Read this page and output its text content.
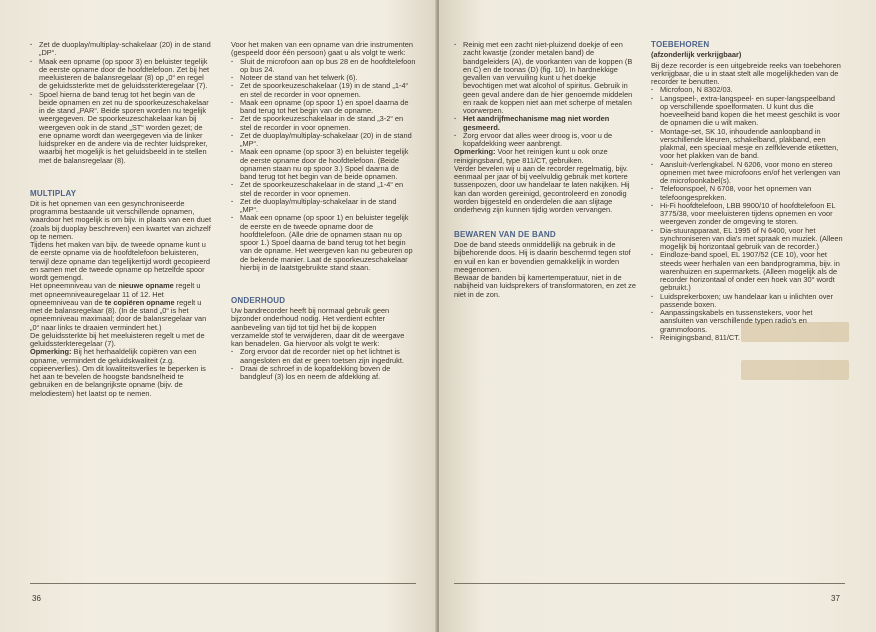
· Zet de duoplay/multiplay-schakelaar (20) in de stand „DP“.

· Maak een opname (op spoor 3) en beluister tegelijk de eerste opname door de hoofdtelefoon. Zet bij het meeluisteren de balansregelaar (8) op „0“ en regel de geluidssterkte met de geluidssterkteregelaar (7).

· Spoel hierna de band terug tot het begin van de beide opnamen en zet nu de spoorkeuzeschakelaar in de stand „PAR“. Beide sporen worden nu tegelijk weergegeven. De spoorkeuzeschakelaar kan bij weergeven ook in de stand „ST“ worden gezet; de ene opname wordt dan weergegeven via de linker luidspreker en de andere via de rechter luidspreker, waarbij het mogelijk is het geluidsbeeld in te stellen met de balansregelaar (8).

MULTIPLAY

Dit is het opnemen van een gesynchroniseerde programma bestaande uit verschillende opnamen, waardoor het mogelijk is om bijv. in plaats van een duet (zoals bij duoplay beschreven) een kwartet van zichzelf op te nemen.

Tijdens het maken van bijv. de tweede opname kunt u de eerste opname via de hoofdtelefoon beluisteren, terwijl deze opname dan tegelijkertijd wordt gecopieerd en samen met de tweede opname op hetzelfde spoor wordt gemengd.

Het opneemniveau van de nieuwe opname regelt u met opneemniveauregelaar 11 of 12. Het opneemniveau van de te copiëren opname regelt u met de balansregelaar (8). (In de stand „0“ is het opneemniveau maximaal; door de balansregelaar van „0“ naar links te draaien vermindert het.)

De geluidssterkte bij het meeluisteren regelt u met de geluidssterkteregelaar (7).

Opmerking: Bij het herhaaldelijk copiëren van een opname, vermindert de geluidskwaliteit (z.g. copieerverlies). Om dit kwaliteitsverlies te beperken is het aan te bevelen de hoogste bandsnelheid te gebruiken en de belangrijkste opname (bijv. de melodiestem) het laatst op te nemen.

Voor het maken van een opname van drie instrumenten (gespeeld door één persoon) gaat u als volgt te werk:

· Sluit de microfoon aan op bus 28 en de hoofdtelefoon op bus 24.

· Noteer de stand van het telwerk (6).

· Zet de spoorkeuzeschakelaar (19) in de stand „1-4“ en stel de recorder in voor opnemen.

· Maak een opname (op spoor 1) en spoel daarna de band terug tot het begin van de opname.

· Zet de spoorkeuzeschakelaar in de stand „3-2“ en stel de recorder in voor opnemen.

· Zet de duoplay/multiplay-schakelaar (20) in de stand „MP“.

· Maak een opname (op spoor 3) en beluister tegelijk de eerste opname door de hoofdtelefoon. (Beide opnamen staan nu op spoor 3.) Spoel daarna de band terug tot het begin van de beide opnamen.

· Zet de spoorkeuzeschakelaar in de stand „1-4“ en stel de recorder in voor opnemen.

· Zet de duoplay/multiplay-schakelaar in de stand „MP“.

· Maak een opname (op spoor 1) en beluister tegelijk de eerste en de tweede opname door de hoofdtelefoon. (Alle drie de opnamen staan nu op spoor 1.) Spoel daarna de band terug tot het begin van de opname. Het weergeven kan nu gebeuren op de bekende manier. Laat de spoorkeuzeschakelaar hierbij in de laatstgebruikte stand staan.

ONDERHOUD

Uw bandrecorder heeft bij normaal gebruik geen bijzonder onderhoud nodig. Het verdient echter aanbeveling van tijd tot tijd het bij de koppen verzamelde stof te verwijderen, daar dit de weergave kan benadelen. Ga hiervoor als volgt te werk:

· Zorg ervoor dat de recorder niet op het lichtnet is aangesloten en dat er geen toetsen zijn ingedrukt.

· Draai de schroef in de kopafdekking boven de bandgleuf (3) los en neem de afdekking af.

36

· Reinig met een zacht niet-pluizend doekje of een zacht kwastje (zonder metalen band) de bandgeleiders (A), de voorkanten van de koppen (B en C) en de toonas (D) (fig. 10). In hardnekkige gevallen van vervuiling kunt u het doekje bevochtigen met wat alcohol of spiritus. Gebruik in geen geval andere dan de hier genoemde middelen en raak de koppen niet aan met scherpe of metalen voorwerpen.

· Het aandrijfmechanisme mag niet worden gesmeerd.

· Zorg ervoor dat alles weer droog is, voor u de kopafdekking weer aanbrengt.

Opmerking: Voor het reinigen kunt u ook onze reinigingsband, type 811/CT, gebruiken.

Verder bevelen wij u aan de recorder regelmatig, bijv. eenmaal per jaar of bij veelvuldig gebruik met kortere tussenpozen, door uw handelaar te laten nakijken. Hij kan dan worden gereinigd, gecontroleerd en zonodig worden bijgesteld en onderdelen die aan slijtage onderhevig zijn kunnen tijdig worden vervangen.

BEWAREN VAN DE BAND

Doe de band steeds onmiddellijk na gebruik in de bijbehorende doos. Hij is daarin beschermd tegen stof en vuil en kan er bovendien gemakkelijk in worden meegenomen.

Bewaar de banden bij kamertemperatuur, niet in de nabijheid van luidsprekers of transformatoren, en zet ze niet in de zon.

TOEBEHOREN

(afzonderlijk verkrijgbaar)

Bij deze recorder is een uitgebreide reeks van toebehoren verkrijgbaar, die u in staat stelt alle mogelijkheden van de recorder te benutten.

· Microfoon, N 8302/03.

· Langspeel-, extra-langspeel- en super-langspeelband op verschillende spoelformaten. U kunt dus die hoeveelheid band kopen die het meest geschikt is voor de opnamen die u wilt maken.

· Montage-set, SK 10, inhoudende aanloopband in verschillende kleuren, schakelband, plakband, een plakmal, een speciaal mesje en zelfklevende etiketten, voor het plakken van de band.

· Aansluit-/verlengkabel. N 6206, voor mono en stereo opnemen met twee microfoons en/of het verlengen van de microfoonkabel(s).

· Telefoonspoel, N 6708, voor het opnemen van telefoongesprekken.

· Hi-Fi hoofdtelefoon, LBB 9900/10 of hoofdtelefoon EL 3775/38, voor meeluisteren tijdens opnemen en voor weergeven zonder de omgeving te storen.

· Dia-stuurapparaat, EL 1995 of N 6400, voor het synchroniseren van dia's met spraak en muziek. (Alleen mogelijk bij horizontaal gebruik van de recorder.)

· Eindloze-band spoel, EL 1907/52 (CE 10), voor het steeds weer herhalen van een bandprogramma, bijv. in warenhuizen en supermarkets. (Alleen mogelijk als de recorder horizontaal of onder een hoek van 30° wordt gebruikt.)

· Luidsprekerboxen; uw handelaar kan u inlichten over passende boxen.

· Aanpassingskabels en tussenstekers, voor het aansluiten van verschillende typen radio's en grammofoons.

· Reinigingsband, 811/CT.

37
